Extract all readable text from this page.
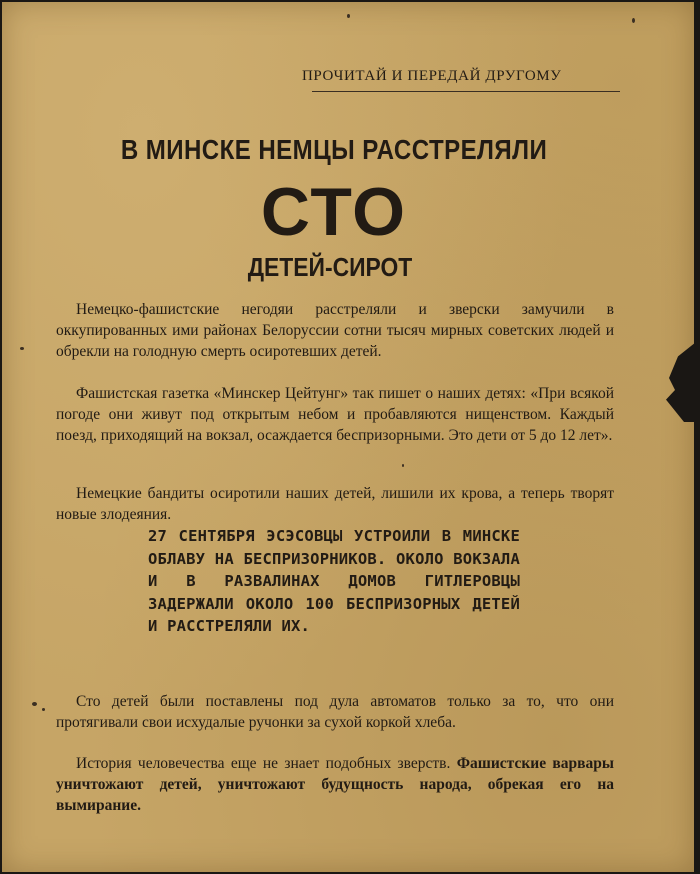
ПРОЧИТАЙ И ПЕРЕДАЙ ДРУГОМУ
В МИНСКЕ НЕМЦЫ РАССТРЕЛЯЛИ
СТО
ДЕТЕЙ-СИРОТ

Немецко-фашистские негодяи расстреляли и зверски замучили в оккупированных ими районах Белоруссии сотни тысяч мирных советских людей и обрекли на голодную смерть осиротевших детей.

Фашистская газетка «Минскер Цейтунг» так пишет о наших детях: «При всякой погоде они живут под открытым небом и пробавляются нищенством. Каждый поезд, приходящий на вокзал, осаждается беспризорными. Это дети от 5 до 12 лет».

Немецкие бандиты осиротили наших детей, лишили их крова, а теперь творят новые злодеяния.

27 СЕНТЯБРЯ ЭСЭСОВЦЫ УСТРОИЛИ В МИНСКЕ ОБЛАВУ НА БЕСПРИЗОРНИКОВ. ОКОЛО ВОКЗАЛА И В РАЗВАЛИНАХ ДОМОВ ГИТЛЕРОВЦЫ ЗАДЕРЖАЛИ ОКОЛО 100 БЕСПРИЗОРНЫХ ДЕТЕЙ И РАССТРЕЛЯЛИ ИХ.

Сто детей были поставлены под дула автоматов только за то, что они протягивали свои исхудалые ручонки за сухой коркой хлеба.

История человечества еще не знает подобных зверств. Фашистские варвары уничтожают детей, уничтожают будущность народа, обрекая его на вымирание.
